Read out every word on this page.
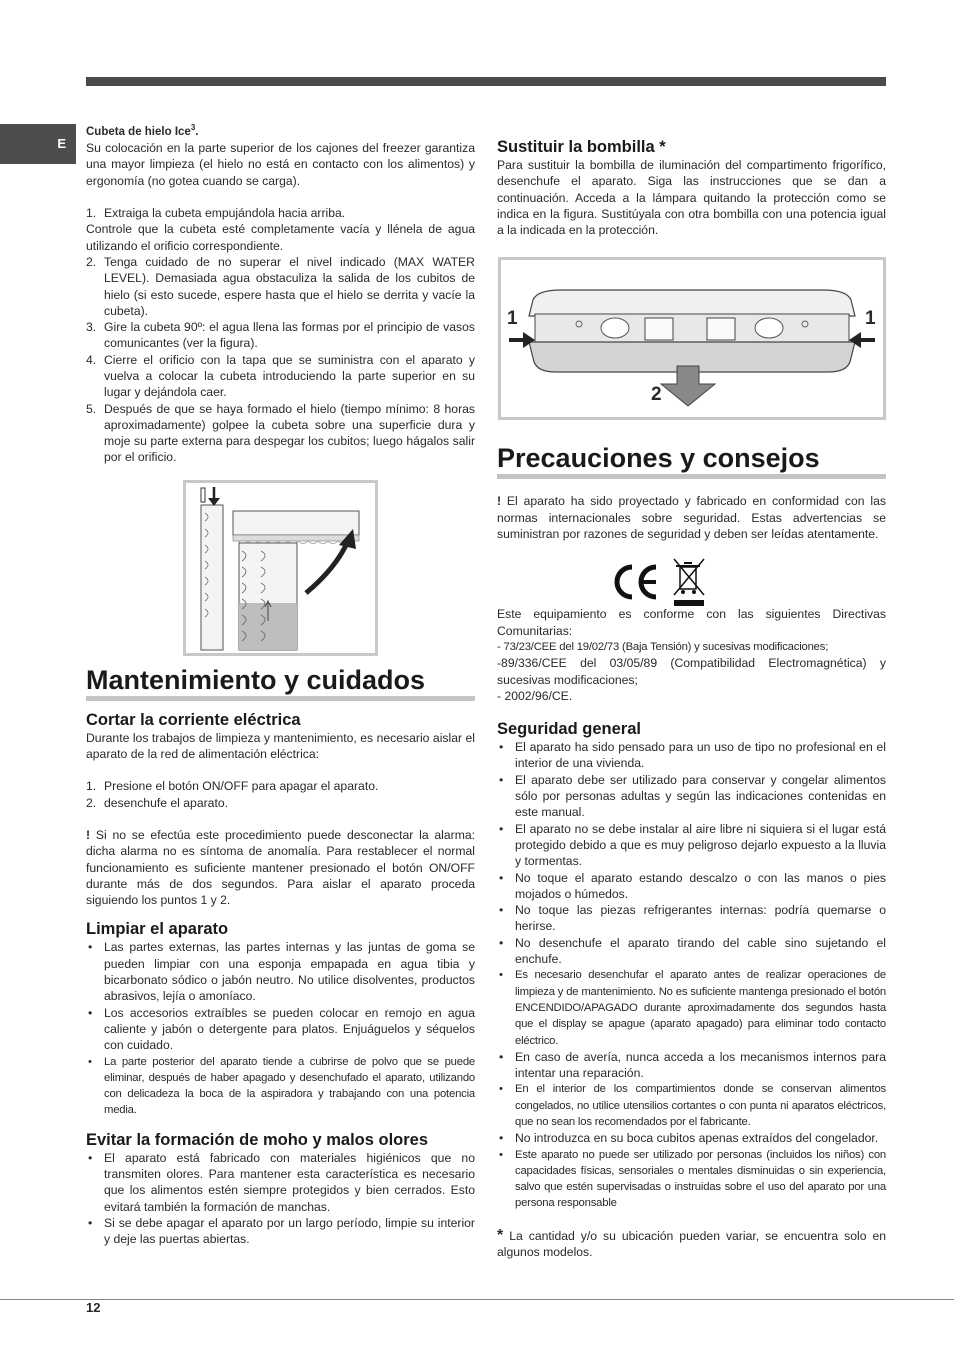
E
Cubeta de hielo Ice$^3$.

Su colocación en la parte superior de los cajones del freezer garantiza una mayor limpieza (el hielo no está en contacto con los alimentos) y ergonomía (no gotea cuando se carga).

1. Extraiga la cubeta empujándola hacia arriba.
Controle que la cubeta esté completamente vacía y llénela de agua utilizando el orificio correspondiente.
2. Tenga cuidado de no superar el nivel indicado (MAX WATER LEVEL). Demasiada agua obstaculiza la salida de los cubitos de hielo (si esto sucede, espere hasta que el hielo se derrita y vacíe la cubeta).
3. Gire la cubeta 90º: el agua llena las formas por el principio de vasos comunicantes (ver la figura).
4. Cierre el orificio con la tapa que se suministra con el aparato y vuelva a colocar la cubeta introduciendo la parte superior en su lugar y dejándola caer.
5. Después de que se haya formado el hielo (tiempo mínimo: 8 horas aproximadamente) golpee la cubeta sobre una superficie dura y moje su parte externa para despegar los cubitos; luego hágalos salir por el orificio.
Mantenimiento y cuidados
Cortar la corriente eléctrica

Durante los trabajos de limpieza y mantenimiento, es necesario aislar el aparato de la red de alimentación eléctrica:

1. Presione el botón ON/OFF para apagar el aparato.
2. desenchufe el aparato.

! Si no se efectúa este procedimiento puede desconectar la alarma: dicha alarma no es síntoma de anomalía. Para restablecer el normal funcionamiento es suficiente mantener presionado el botón ON/OFF durante más de dos segundos. Para aislar el aparato proceda siguiendo los puntos 1 y 2.

Limpiar el aparato
• Las partes externas, las partes internas y las juntas de goma se pueden limpiar con una esponja empapada en agua tibia y bicarbonato sódico o jabón neutro. No utilice disolventes, productos abrasivos, lejía o amoníaco.
• Los accesorios extraíbles se pueden colocar en remojo en agua caliente y jabón o detergente para platos. Enjuáguelos y séquelos con cuidado.
• La parte posterior del aparato tiende a cubrirse de polvo que se puede eliminar, después de haber apagado y desenchufado el aparato, utilizando con delicadeza la boca de la aspiradora y trabajando con una potencia media.
Evitar la formación de moho y malos olores
• El aparato está fabricado con materiales higiénicos que no transmiten olores. Para mantener esta característica es necesario que los alimentos estén siempre protegidos y bien cerrados. Esto evitará también la formación de manchas.
• Si se debe apagar el aparato por un largo período, limpie su interior y deje las puertas abiertas.
Sustituir la bombilla *

Para sustituir la bombilla de iluminación del compartimento frigorífico, desenchufe el aparato. Siga las instrucciones que se dan a continuación. Acceda a la lámpara quitando la protección como se indica en la figura. Sustitúyala con otra bombilla con una potencia igual a la indicada en la protección.

Precauciones y consejos

! El aparato ha sido proyectado y fabricado en conformidad con las normas internacionales sobre seguridad. Estas advertencias se suministran por razones de seguridad y deben ser leídas atentamente.

Este equipamiento es conforme con las siguientes Directivas Comunitarias:

- 73/23/CEE del 19/02/73 (Baja Tensión) y sucesivas modificaciones;

-89/336/CEE del 03/05/89 (Compatibilidad Electromagnética) y sucesivas modificaciones;

- 2002/96/CE.

Seguridad general
• El aparato ha sido pensado para un uso de tipo no profesional en el interior de una vivienda.
• El aparato debe ser utilizado para conservar y congelar alimentos sólo por personas adultas y según las indicaciones contenidas en este manual.
• El aparato no se debe instalar al aire libre ni siquiera si el lugar está protegido debido a que es muy peligroso dejarlo expuesto a la lluvia y tormentas.
• No toque el aparato estando descalzo o con las manos o pies mojados o húmedos.
• No toque las piezas refrigerantes internas: podría quemarse o herirse.
• No desenchufe el aparato tirando del cable sino sujetando el enchufe.
• Es necesario desenchufar el aparato antes de realizar operaciones de limpieza y de mantenimiento. No es suficiente mantenga presionado el botón ENCENDIDO/APAGADO durante aproximadamente dos segundos hasta que el display se apague (aparato apagado) para eliminar todo contacto eléctrico.
• En caso de avería, nunca acceda a los mecanismos internos para intentar una reparación.
• En el interior de los compartimientos donde se conservan alimentos congelados, no utilice utensilios cortantes o con punta ni aparatos eléctricos, que no sean los recomendados por el fabricante.
• No introduzca en su boca cubitos apenas extraídos del congelador.
• Este aparato no puede ser utilizado por personas (incluidos los niños) con capacidades físicas, sensoriales o mentales disminuidas o sin experiencia, salvo que estén supervisadas o instruidas sobre el uso del aparato por una persona responsable

* La cantidad y/o su ubicación pueden variar, se encuentra solo en algunos modelos.

1	1
2
12
